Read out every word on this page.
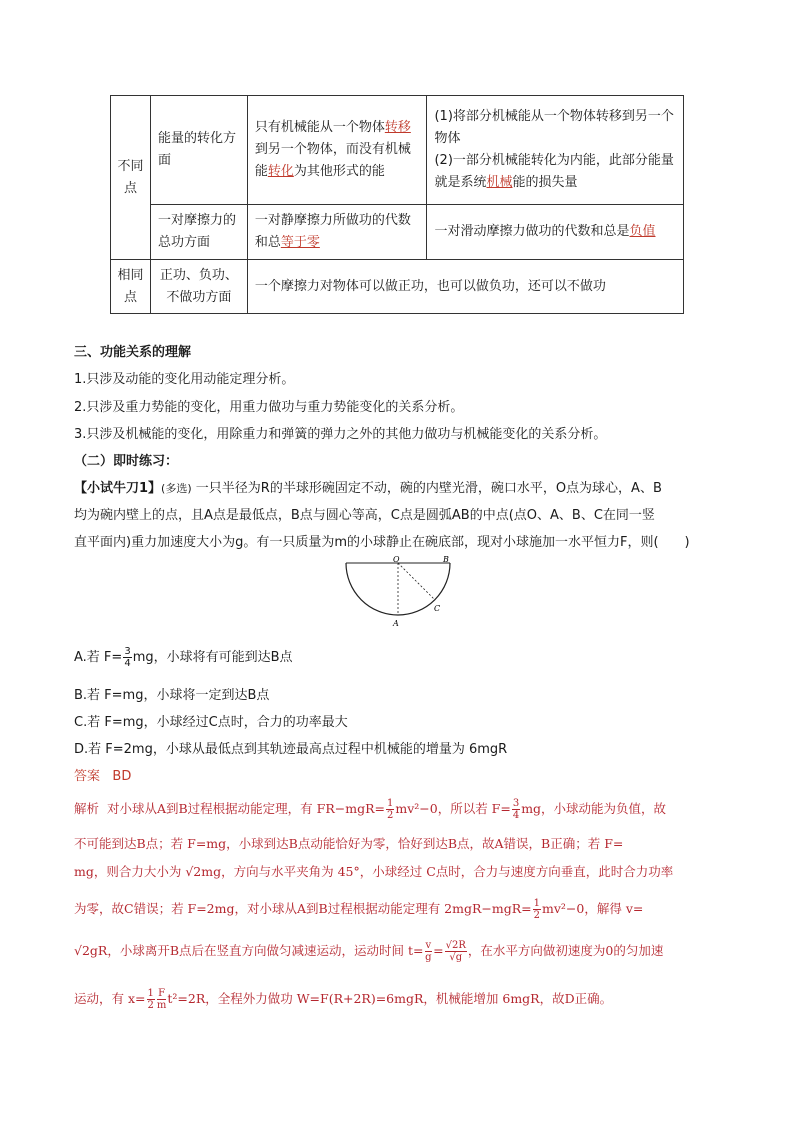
不同点	能量的转化方面	只有机械能从一个物体转移到另一个物体，而没有机械能转化为其他形式的能	(1)将部分机械能从一个物体转移到另一个物体
(2)一部分机械能转化为内能，此部分能量就是系统机械能的损失量

	一对摩擦力的总功方面	一对静摩擦力所做功的代数和总等于零	一对滑动摩擦力做功的代数和总是负值
相同点	正功、负功、不做功方面	一个摩擦力对物体可以做正功，也可以做负功，还可以不做功	
三、功能关系的理解
1.只涉及动能的变化用动能定理分析。
2.只涉及重力势能的变化，用重力做功与重力势能变化的关系分析。
3.只涉及机械能的变化，用除重力和弹簧的弹力之外的其他力做功与机械能变化的关系分析。
（二）即时练习：
【小试牛刀1】(多选) 一只半径为R的半球形碗固定不动，碗的内壁光滑，碗口水平，O点为球心，A、B
均为碗内壁上的点，且A点是最低点，B点与圆心等高，C点是圆弧AB的中点(点O、A、B、C在同一竖
直平面内)重力加速度大小为g。有一只质量为m的小球静止在碗底部，现对小球施加一水平恒力F，则(　　)
O	B
C
A
A.若 $F= \frac{3}{4}$ mg，小球将有可能到达B点
B.若 F=mg，小球将一定到达B点
C.若 F=mg，小球经过C点时，合力的功率最大
D.若 F=2mg，小球从最低点到其轨迹最高点过程中机械能的增量为 6mgR
答案 BD
解析 对小球从A到B过程根据动能定理，有 $FR-mgR= \frac{1}{2} mv^2-0$，所以若 $F= \frac{3}{4}$ mg，小球动能为负值，故
不可能到达B点；若 F=mg，小球到达B点动能恰好为零，恰好到达B点，故A错误，B正确；若 F=
mg，则合力大小为 √2mg，方向与水平夹角为 45°，小球经过 C点时，合力与速度方向垂直，此时合力功率
为零，故C错误；若 F=2mg，对小球从A到B过程根据动能定理有 $2mgR-mgR= \frac{1}{2} mv^2-0$，解得 v=
√2gR，小球离开B点后在竖直方向做匀减速运动，运动时间 $t= \frac{v}{g} = \frac{√2R}{√g}$ ，在水平方向做初速度为0的匀加速
运动，有 $x= \frac{1}{2} \frac{F}{m} t^2=2R$，全程外力做功 W=F(R+2R)=6mgR，机械能增加 6mgR，故D正确。
